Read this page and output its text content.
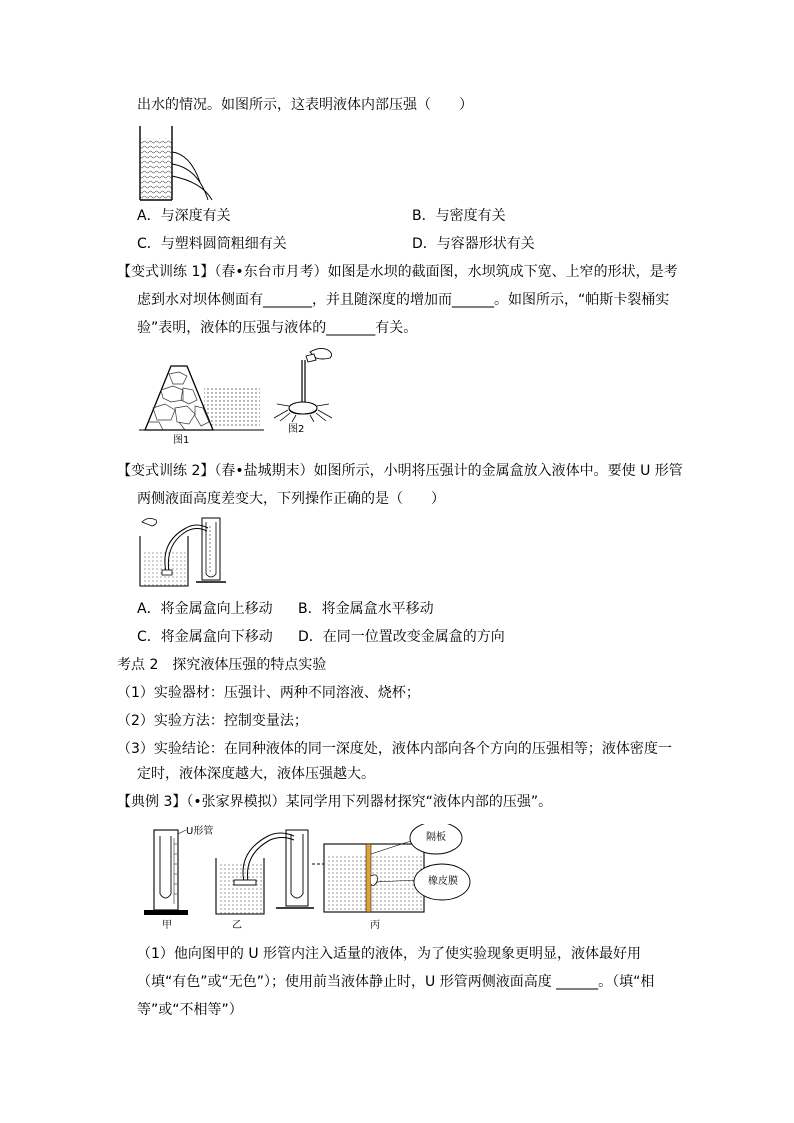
出水的情况。如图所示，这表明液体内部压强（　　）
A．与深度有关	B．与密度有关
C．与塑料圆筒粗细有关	D．与容器形状有关
【变式训练 1】（春•东台市月考）如图是水坝的截面图，水坝筑成下宽、上窄的形状，是考
虑到水对坝体侧面有_______，并且随深度的增加而______。如图所示，“帕斯卡裂桶实
验”表明，液体的压强与液体的_______有关。
图1
图2
【变式训练 2】（春•盐城期末）如图所示，小明将压强计的金属盒放入液体中。要使 U 形管
两侧液面高度差变大，下列操作正确的是（　　）
A．将金属盒向上移动 B．将金属盒水平移动
C．将金属盒向下移动 D．在同一位置改变金属盒的方向
考点 2　探究液体压强的特点实验
（1）实验器材：压强计、两种不同溶液、烧杯；
（2）实验方法：控制变量法；
（3）实验结论：在同种液体的同一深度处，液体内部向各个方向的压强相等；液体密度一
定时，液体深度越大，液体压强越大。
【典例 3】（•张家界模拟）某同学用下列器材探究“液体内部的压强”。
U形管
隔板
橡皮膜
甲	乙	丙
（1）他向图甲的 U 形管内注入适量的液体，为了使实验现象更明显，液体最好用
（填“有色”或“无色”）；使用前当液体静止时，U 形管两侧液面高度 ______。（填“相
等”或“不相等”）
